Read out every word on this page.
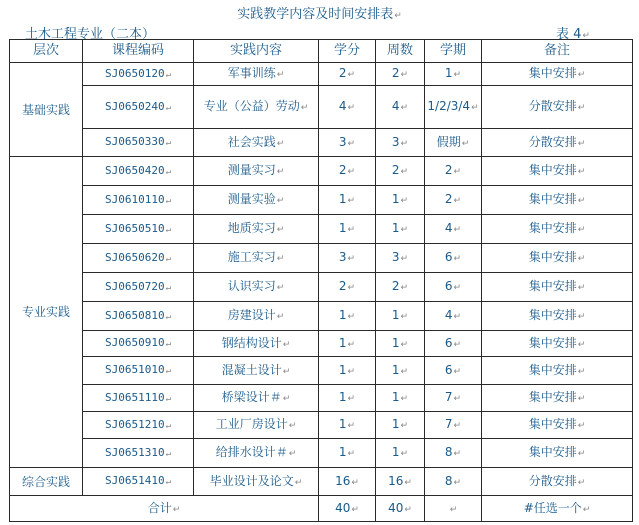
实践教学内容及时间安排表↵
土木工程专业（二本）	表 4↵
层次	课程编码	实践内容	学分	周数	学期	备注
基础实践	SJ0650120↵	军事训练↵	2↵	2↵	1↵	集中安排↵
	SJ0650240↵	专业（公益）劳动↵	4↵	4↵	1/2/3/4↵	分散安排↵
	SJ0650330↵	社会实践↵	3↵	3↵	假期↵	分散安排↵
专业实践	SJ0650420↵	测量实习↵	2↵	2↵	2↵	集中安排↵
	SJ0610110↵	测量实验↵	1↵	1↵	2↵	集中安排↵
	SJ0650510↵	地质实习↵	1↵	1↵	4↵	集中安排↵
	SJ0650620↵	施工实习↵	3↵	3↵	6↵	集中安排↵
	SJ0650720↵	认识实习↵	2↵	2↵	6↵	集中安排↵
	SJ0650810↵	房建设计↵	1↵	1↵	4↵	集中安排↵
	SJ0650910↵	钢结构设计↵	1↵	1↵	6↵	集中安排↵
	SJ0651010↵	混凝土设计↵	1↵	1↵	6↵	集中安排↵
	SJ0651110↵	桥梁设计＃↵	1↵	1↵	7↵	集中安排↵
	SJ0651210↵	工业厂房设计↵	1↵	1↵	7↵	集中安排↵
	SJ0651310↵	给排水设计＃↵	1↵	1↵	8↵	集中安排↵
综合实践	SJ0651410↵	毕业设计及论文↵	16↵	16↵	8↵	分散安排↵
合计↵			40↵	40↵	↵	#任选一个↵
